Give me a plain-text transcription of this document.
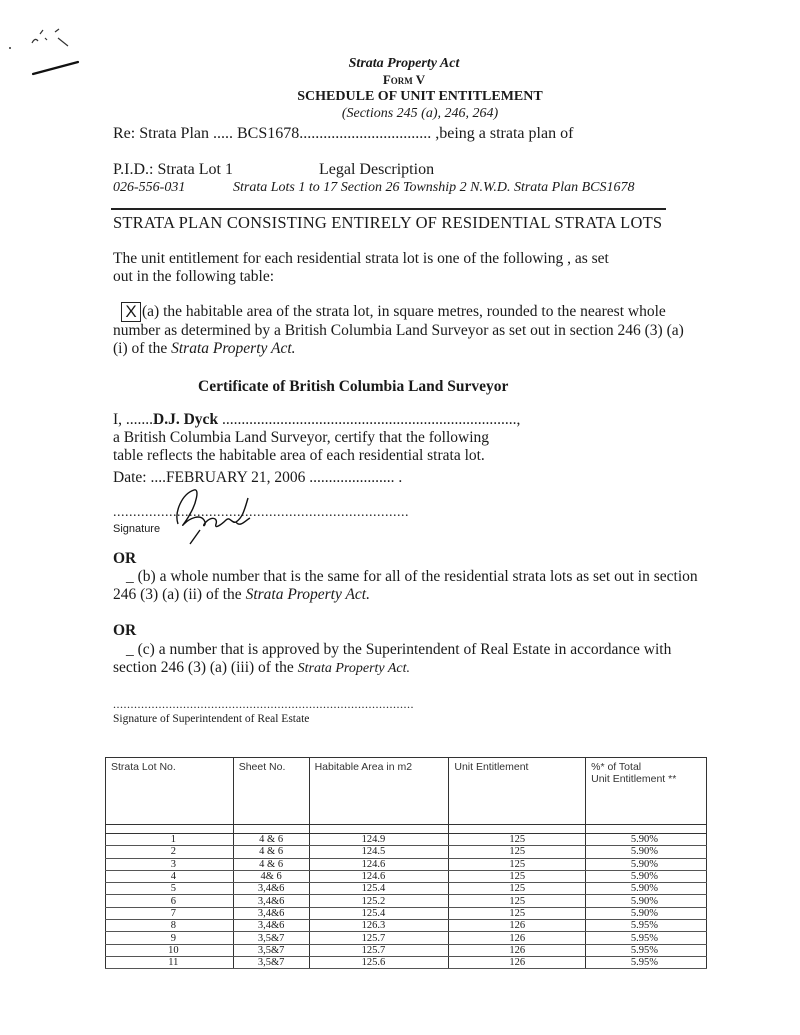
Strata Property Act
Form V
SCHEDULE OF UNIT ENTITLEMENT
(Sections 245 (a), 246, 264)
Re: Strata Plan ..... BCS1678................................. ,being a strata plan of
P.I.D.: Strata Lot 1	Legal Description
026-556-031	Strata Lots 1 to 17 Section 26 Township 2 N.W.D. Strata Plan BCS1678
STRATA PLAN CONSISTING ENTIRELY OF RESIDENTIAL STRATA LOTS
The unit entitlement for each residential strata lot is one of the following , as set
out in the following table:
X (a) the habitable area of the strata lot, in square metres, rounded to the nearest whole
number as determined by a British Columbia Land Surveyor as set out in section 246 (3) (a)
(i) of the Strata Property Act.
Certificate of British Columbia Land Surveyor
I, .......D.J. Dyck ............................................................................,
a British Columbia Land Surveyor, certify that the following
table reflects the habitable area of each residential strata lot.
Date: ....FEBRUARY 21, 2006 ...................... .
..........................................................................
Signature
OR
_ (b) a whole number that is the same for all of the residential strata lots as set out in section
246 (3) (a) (ii) of the Strata Property Act.
OR
_ (c) a number that is approved by the Superintendent of Real Estate in accordance with
section 246 (3) (a) (iii) of the Strata Property Act.
......................................................................................
Signature of Superintendent of Real Estate
Strata Lot No.	Sheet No.	Habitable Area in m2	Unit Entitlement	%* of Total
Unit Entitlement **

1	4 & 6	124.9	125	5.90%
2	4 & 6	124.5	125	5.90%
3	4 & 6	124.6	125	5.90%
4	4& 6	124.6	125	5.90%
5	3,4&6	125.4	125	5.90%
6	3,4&6	125.2	125	5.90%
7	3,4&6	125.4	125	5.90%
8	3,4&6	126.3	126	5.95%
9	3,5&7	125.7	126	5.95%
10	3,5&7	125.7	126	5.95%
11	3,5&7	125.6	126	5.95%
